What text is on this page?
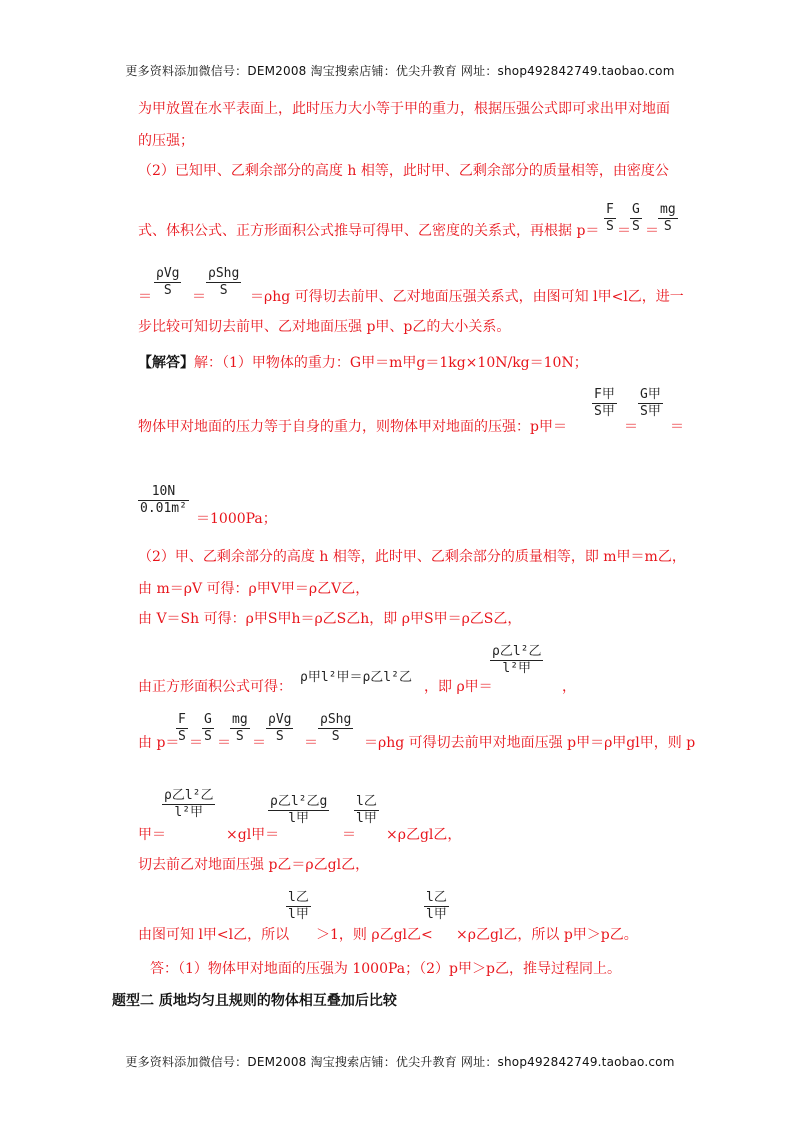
更多资料添加微信号：DEM2008 淘宝搜索店铺：优尖升教育 网址：shop492842749.taobao.com
为甲放置在水平表面上，此时压力大小等于甲的重力，根据压强公式即可求出甲对地面
的压强；
（2）已知甲、乙剩余部分的高度 h 相等，此时甲、乙剩余部分的质量相等，由密度公
式、体积公式、正方形面积公式推导可得甲、乙密度的关系式，再根据 $p= \frac{F}{S} = \frac{G}{S} = \frac{mg}{S}$
＝
ρVg
S	＝
ρShg
S	＝ρhg 可得切去前甲、乙对地面压强关系式，由图可知 l甲<l乙，进一
步比较可知切去前甲、乙对地面压强 p甲、p乙的大小关系。
【解答】解：（1）甲物体的重力：G甲＝m甲g＝1kg×10N/kg＝10N；
物体甲对地面的压力等于自身的重力，则物体甲对地面的压强：p甲＝
F甲
S甲
＝
G甲
S甲
＝
$\frac{10N}{\text{0.01m²}}$
＝1000Pa；
（2）甲、乙剩余部分的高度 h 相等，此时甲、乙剩余部分的质量相等，即 m甲＝m乙，
由 m＝ρV 可得：ρ甲V甲＝ρ乙V乙，
由 V＝Sh 可得：ρ甲S甲h＝ρ乙S乙h，即 ρ甲S甲＝ρ乙S乙，
由正方形面积公式可得：
ρ甲l²甲＝ρ乙l²乙
，即 ρ甲＝
ρ乙l²乙
l²甲
，
由 p＝
$\frac{F}{S} = \frac{G}{S} = \frac{mg}{S}$ ＝
ρVg
S	＝
ρShg
S	＝ρhg 可得切去前甲对地面压强 p甲＝ρ甲gl甲，则 p
甲＝
ρ乙l²乙
l²甲
×gl甲＝
ρ乙l²乙g
l甲
＝
l乙
l甲
×ρ乙gl乙，
切去前乙对地面压强 p乙＝ρ乙gl乙，
由图可知 l甲<l乙，所以
l乙
l甲
＞1，则 ρ乙gl乙<
l乙
l甲
×ρ乙gl乙，所以 p甲＞p乙。
答：（1）物体甲对地面的压强为 1000Pa；（2）p甲＞p乙，推导过程同上。
题型二 质地均匀且规则的物体相互叠加后比较
更多资料添加微信号：DEM2008 淘宝搜索店铺：优尖升教育 网址：shop492842749.taobao.com
